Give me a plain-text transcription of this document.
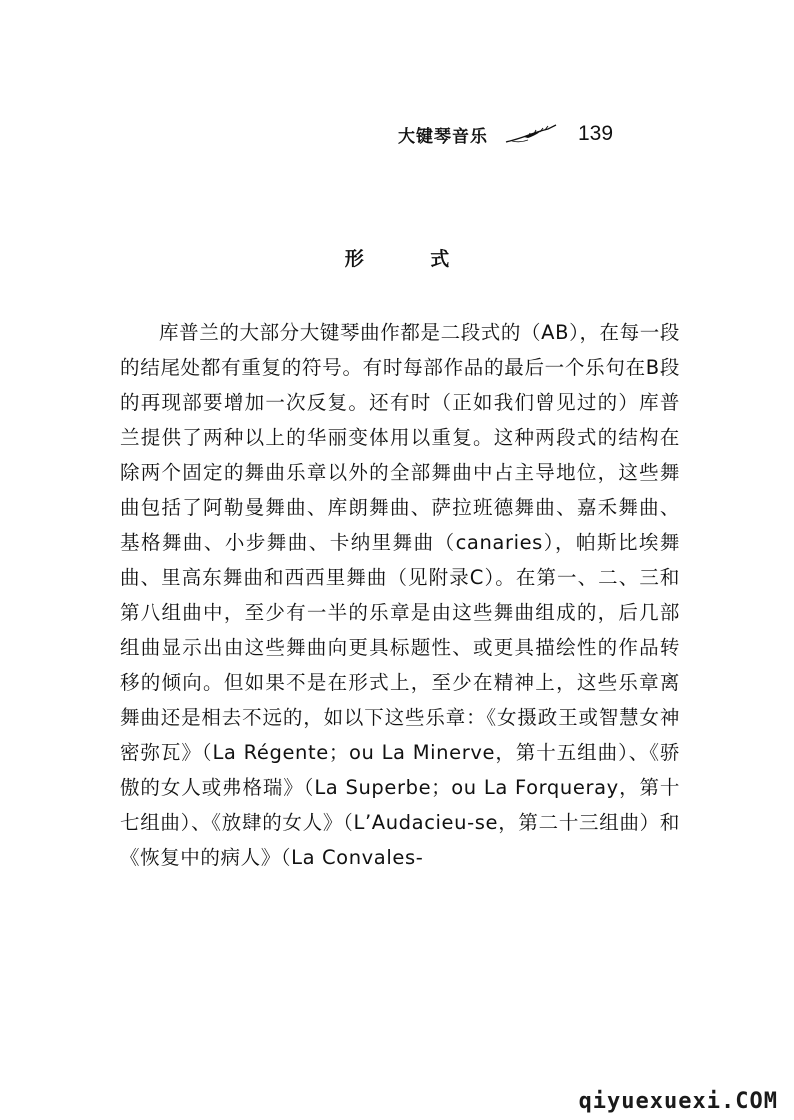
大键琴音乐	139
形 式

库普兰的大部分大键琴曲作都是二段式的（AB），在每一段的结尾处都有重复的符号。有时每部作品的最后一个乐句在B段的再现部要增加一次反复。还有时（正如我们曾见过的）库普兰提供了两种以上的华丽变体用以重复。这种两段式的结构在除两个固定的舞曲乐章以外的全部舞曲中占主导地位，这些舞曲包括了阿勒曼舞曲、库朗舞曲、萨拉班德舞曲、嘉禾舞曲、基格舞曲、小步舞曲、卡纳里舞曲（canaries），帕斯比埃舞曲、里高东舞曲和西西里舞曲（见附录C）。在第一、二、三和第八组曲中，至少有一半的乐章是由这些舞曲组成的，后几部组曲显示出由这些舞曲向更具标题性、或更具描绘性的作品转移的倾向。但如果不是在形式上，至少在精神上，这些乐章离舞曲还是相去不远的，如以下这些乐章：《女摄政王或智慧女神密弥瓦》（La Régente；ou La Minerve，第十五组曲）、《骄傲的女人或弗格瑞》（La Superbe；ou La Forqueray，第十七组曲）、《放肆的女人》（L’Audacieu-se，第二十三组曲）和《恢复中的病人》（La Convales-

qiyuexuexi.COM
